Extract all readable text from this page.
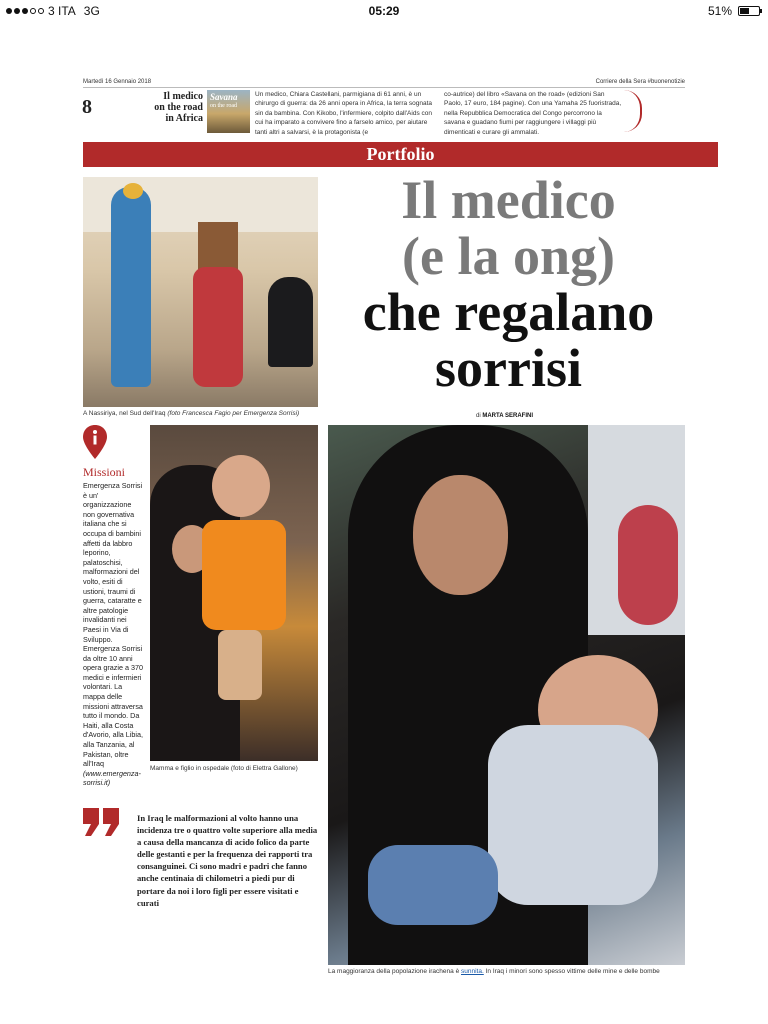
3 ITA 3G	05:29	51%
Martedì 16 Gennaio 2018	Corriere della Sera #buonenotizie
8	Il medico
on the road
in Africa
Savana
on the road
Un medico, Chiara Castellani, parmigiana di 61 anni, è un chirurgo di guerra: da 26 anni opera in Africa, la terra sognata sin da bambina. Con Kikobo, l'infermiere, colpito dall'Aids con cui ha imparato a convivere fino a farselo amico, per aiutare tanti altri a salvarsi, è la protagonista (e
co-autrice) del libro «Savana on the road» (edizioni San Paolo, 17 euro, 184 pagine). Con una Yamaha 25 fuoristrada, nella Repubblica Democratica del Congo percorrono la savana e guadano fiumi per raggiungere i villaggi più dimenticati e curare gli ammalati.
Portfolio
A Nassiriya, nel Sud dell'Iraq (foto Francesca Fagio per Emergenza Sorrisi)
Il medico
(e la ong)
che regalano
sorrisi
di MARTA SERAFINI
Missioni
Emergenza Sorrisi è un' organizzazione non governativa italiana che si occupa di bambini affetti da labbro leporino, palatoschisi, malformazioni del volto, esiti di ustioni, traumi di guerra, cataratte e altre patologie invalidanti nei Paesi in Via di Sviluppo. Emergenza Sorrisi da oltre 10 anni opera grazie a 370 medici e infermieri volontari. La mappa delle missioni attraversa tutto il mondo. Da Haiti, alla Costa d'Avorio, alla Libia, alla Tanzania, al Pakistan, oltre all'Iraq (www.emergenza-sorrisi.it)
Mamma e figlio in ospedale (foto di Elettra Gallone)
In Iraq le malformazioni al volto hanno una incidenza tre o quattro volte superiore alla media a causa della mancanza di acido folico da parte delle gestanti e per la frequenza dei rapporti tra consanguinei. Ci sono madri e padri che fanno anche centinaia di chilometri a piedi pur di portare da noi i loro figli per essere visitati e curati
La maggioranza della popolazione irachena è sunnita. In Iraq i minori sono spesso vittime delle mine e delle bombe
